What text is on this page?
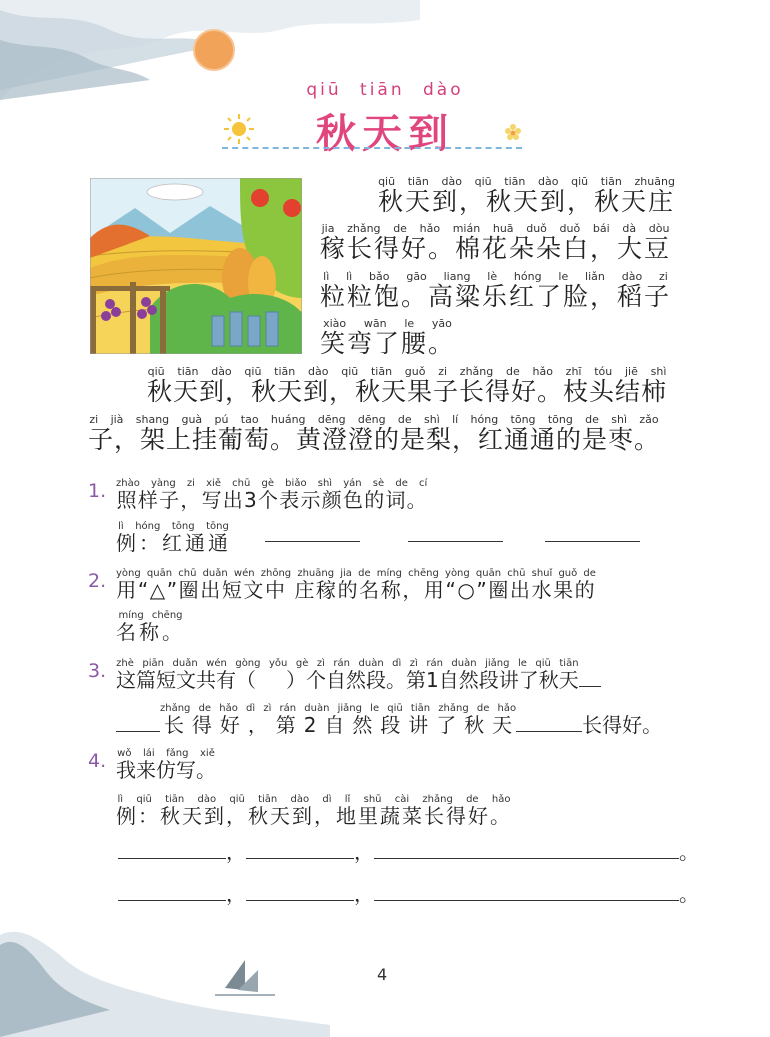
qiū tiān dào
秋天到
秋天到，秋天到，秋天庄qiū tiān dào qiū tiān dào qiū tiān zhuāng
稼长得好。棉花朵朵白，大豆jia zhǎng de hǎo mián huā duǒ duǒ bái dà dòu
粒粒饱。高粱乐红了脸，稻子lì lì bǎo gāo liang lè hóng le liǎn dào zi
笑弯了腰。xiào wān le yāo
秋天到，秋天到，秋天果子长得好。枝头结柿qiū tiān dào qiū tiān dào qiū tiān guǒ zi zhǎng de hǎo zhī tóu jiē shì
子，架上挂葡萄。黄澄澄的是梨，红通通的是枣。zi jià shang guà pú tao huáng dēng dēng de shì lí hóng tōng tōng de shì zǎo
1. 照样子，写出3个表示颜色的词。zhào yàng zi xiě chū gè biǎo shì yán sè de cí
例：红通通lì hóng tōng tōng
2. 用“△”圈出短文中 庄稼的名称，用“○”圈出水果的yòng quān chū duǎn wén zhōng zhuāng jia de míng chēng yòng quān chū shuǐ guǒ de
名称。míng chēng
3. 这篇短文共有（ ）个自然段。第1自然段讲了秋天zhè piān duǎn wén gòng yǒu gè zì rán duàn dì zì rán duàn jiǎng le qiū tiān
长得好，第2自然段讲了秋天zhǎng de hǎo dì zì rán duàn jiǎng le qiū tiān zhǎng de hǎo长得好。
4. 我来仿写。wǒ lái fǎng xiě
例：秋天到，秋天到，地里蔬菜长得好。lì qiū tiān dào qiū tiān dào dì lǐ shū cài zhǎng de hǎo
，	，	。
，	，	。
4
